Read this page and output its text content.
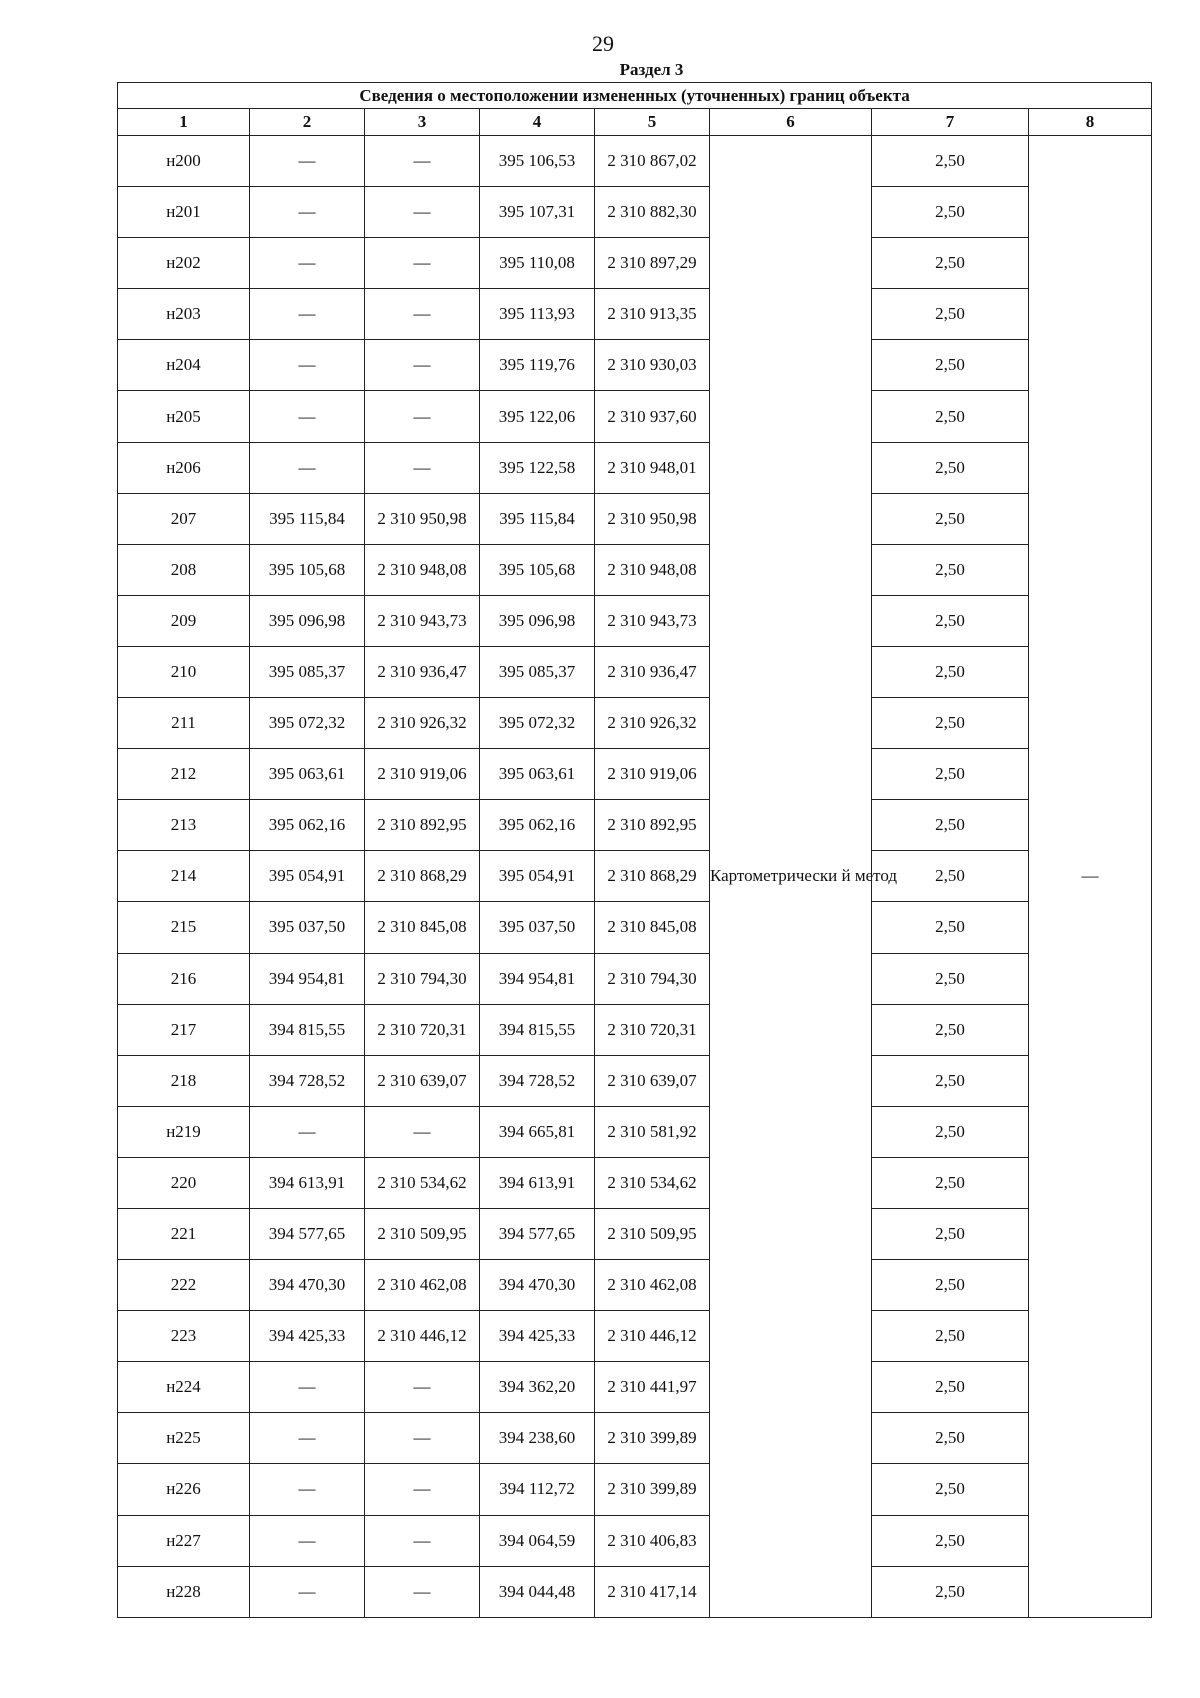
29
Раздел 3
Сведения о местоположении измененных (уточненных) границ объекта							
1	2	3	4	5	6	7	8
н200	—	—	395 106,53	2 310 867,02	Картометрически й метод	2,50	—
н201	—	—	395 107,31	2 310 882,30		2,50	
н202	—	—	395 110,08	2 310 897,29		2,50	
н203	—	—	395 113,93	2 310 913,35		2,50	
н204	—	—	395 119,76	2 310 930,03		2,50	
н205	—	—	395 122,06	2 310 937,60		2,50	
н206	—	—	395 122,58	2 310 948,01		2,50	
207	395 115,84	2 310 950,98	395 115,84	2 310 950,98		2,50	
208	395 105,68	2 310 948,08	395 105,68	2 310 948,08		2,50	
209	395 096,98	2 310 943,73	395 096,98	2 310 943,73		2,50	
210	395 085,37	2 310 936,47	395 085,37	2 310 936,47		2,50	
211	395 072,32	2 310 926,32	395 072,32	2 310 926,32		2,50	
212	395 063,61	2 310 919,06	395 063,61	2 310 919,06		2,50	
213	395 062,16	2 310 892,95	395 062,16	2 310 892,95		2,50	
214	395 054,91	2 310 868,29	395 054,91	2 310 868,29		2,50	
215	395 037,50	2 310 845,08	395 037,50	2 310 845,08		2,50	
216	394 954,81	2 310 794,30	394 954,81	2 310 794,30		2,50	
217	394 815,55	2 310 720,31	394 815,55	2 310 720,31		2,50	
218	394 728,52	2 310 639,07	394 728,52	2 310 639,07		2,50	
н219	—	—	394 665,81	2 310 581,92		2,50	
220	394 613,91	2 310 534,62	394 613,91	2 310 534,62		2,50	
221	394 577,65	2 310 509,95	394 577,65	2 310 509,95		2,50	
222	394 470,30	2 310 462,08	394 470,30	2 310 462,08		2,50	
223	394 425,33	2 310 446,12	394 425,33	2 310 446,12		2,50	
н224	—	—	394 362,20	2 310 441,97		2,50	
н225	—	—	394 238,60	2 310 399,89		2,50	
н226	—	—	394 112,72	2 310 399,89		2,50	
н227	—	—	394 064,59	2 310 406,83		2,50	
н228	—	—	394 044,48	2 310 417,14		2,50	
